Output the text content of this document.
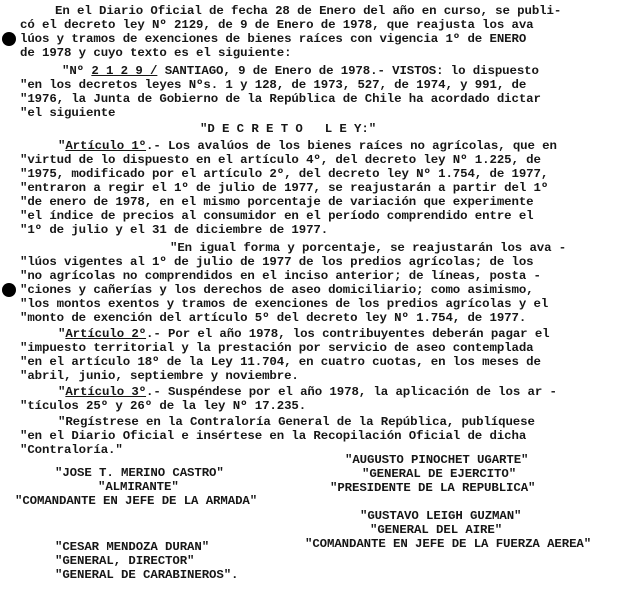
En el Diario Oficial de fecha 28 de Enero del año en curso, se publi-
có el decreto ley Nº 2129, de 9 de Enero de 1978, que reajusta los ava
lúos y tramos de exenciones de bienes raíces con vigencia 1º de ENERO
de 1978 y cuyo texto es el siguiente:
"Nº 2 1 2 9 / SANTIAGO, 9 de Enero de 1978.- VISTOS: lo dispuesto
"en los decretos leyes Nºs. 1 y 128, de 1973, 527, de 1974, y 991, de
"1976, la Junta de Gobierno de la República de Chile ha acordado dictar
"el siguiente
"D E C R E T O   L E Y:"
"Artículo 1º.- Los avalúos de los bienes raíces no agrícolas, que en
"virtud de lo dispuesto en el artículo 4º, del decreto ley Nº 1.225, de
"1975, modificado por el artículo 2º, del decreto ley Nº 1.754, de 1977,
"entraron a regir el 1º de julio de 1977, se reajustarán a partir del 1º
"de enero de 1978, en el mismo porcentaje de variación que experimente
"el índice de precios al consumidor en el período comprendido entre el
"1º de julio y el 31 de diciembre de 1977.
"En igual forma y porcentaje, se reajustarán los ava -
"lúos vigentes al 1º de julio de 1977 de los predios agrícolas; de los
"no agrícolas no comprendidos en el inciso anterior; de líneas, posta -
"ciones y cañerías y los derechos de aseo domiciliario; como asimismo,
"los montos exentos y tramos de exenciones de los predios agrícolas y el
"monto de exención del artículo 5º del decreto ley Nº 1.754, de 1977.
"Artículo 2º.- Por el año 1978, los contribuyentes deberán pagar el
"impuesto territorial y la prestación por servicio de aseo contemplada
"en el artículo 18º de la Ley 11.704, en cuatro cuotas, en los meses de
"abril, junio, septiembre y noviembre.
"Artículo 3º.- Suspéndese por el año 1978, la aplicación de los ar -
"tículos 25º y 26º de la ley Nº 17.235.
"Regístrese en la Contraloría General de la República, publíquese
"en el Diario Oficial e insértese en la Recopilación Oficial de dicha
"Contraloría."
"AUGUSTO PINOCHET UGARTE"
"GENERAL DE EJERCITO"
"PRESIDENTE DE LA REPUBLICA"
"JOSE T. MERINO CASTRO"
"ALMIRANTE"
"COMANDANTE EN JEFE DE LA ARMADA"
"GUSTAVO LEIGH GUZMAN"
"GENERAL DEL AIRE"
"COMANDANTE EN JEFE DE LA FUERZA AEREA"
"CESAR MENDOZA DURAN"
"GENERAL, DIRECTOR"
"GENERAL DE CARABINEROS".
